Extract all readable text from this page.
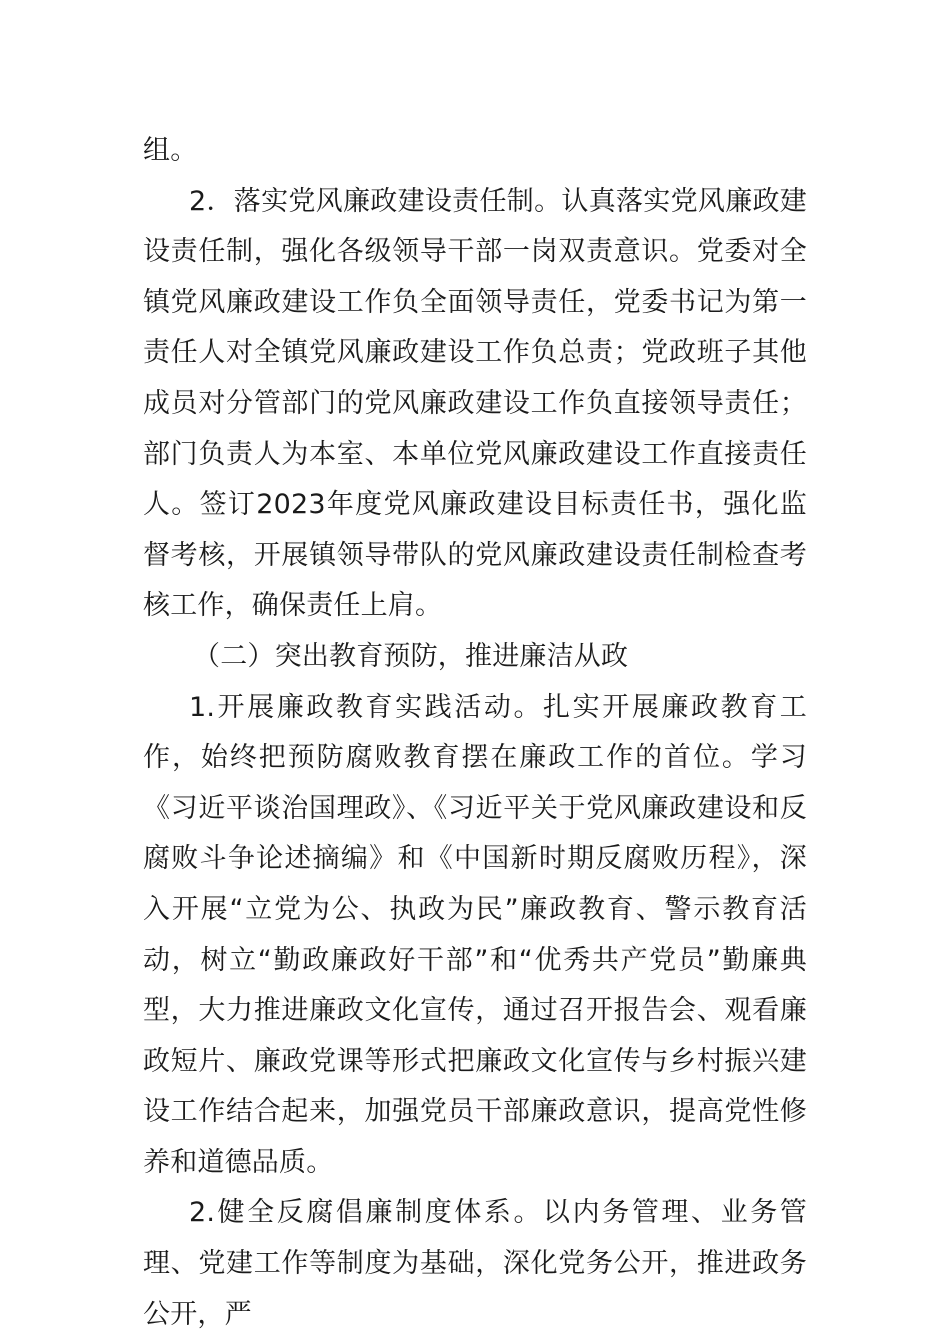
组。

2．落实党风廉政建设责任制。认真落实党风廉政建设责任制，强化各级领导干部一岗双责意识。党委对全镇党风廉政建设工作负全面领导责任，党委书记为第一责任人对全镇党风廉政建设工作负总责；党政班子其他成员对分管部门的党风廉政建设工作负直接领导责任；部门负责人为本室、本单位党风廉政建设工作直接责任人。签订2023年度党风廉政建设目标责任书，强化监督考核，开展镇领导带队的党风廉政建设责任制检查考核工作，确保责任上肩。

（二）突出教育预防，推进廉洁从政

1.开展廉政教育实践活动。扎实开展廉政教育工作，始终把预防腐败教育摆在廉政工作的首位。学习《习近平谈治国理政》、《习近平关于党风廉政建设和反腐败斗争论述摘编》和《中国新时期反腐败历程》，深入开展“立党为公、执政为民”廉政教育、警示教育活动，树立“勤政廉政好干部”和“优秀共产党员”勤廉典型，大力推进廉政文化宣传，通过召开报告会、观看廉政短片、廉政党课等形式把廉政文化宣传与乡村振兴建设工作结合起来，加强党员干部廉政意识，提高党性修养和道德品质。

2.健全反腐倡廉制度体系。以内务管理、业务管理、党建工作等制度为基础，深化党务公开，推进政务公开，严
